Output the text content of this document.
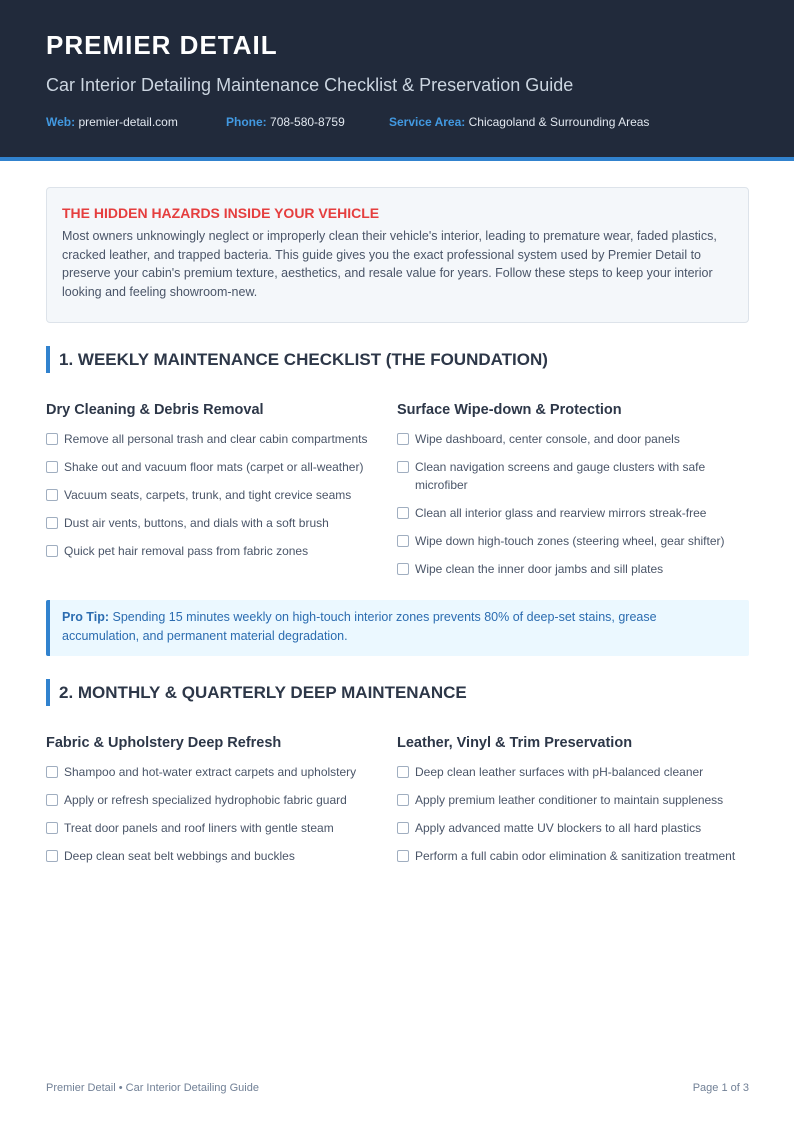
PREMIER DETAIL
Car Interior Detailing Maintenance Checklist & Preservation Guide
Web: premier-detail.com	Phone: 708-580-8759	Service Area: Chicagoland & Surrounding Areas
THE HIDDEN HAZARDS INSIDE YOUR VEHICLE
Most owners unknowingly neglect or improperly clean their vehicle's interior, leading to premature wear, faded plastics, cracked leather, and trapped bacteria. This guide gives you the exact professional system used by Premier Detail to preserve your cabin's premium texture, aesthetics, and resale value for years. Follow these steps to keep your interior looking and feeling showroom-new.
1. WEEKLY MAINTENANCE CHECKLIST (THE FOUNDATION)
Dry Cleaning & Debris Removal
Remove all personal trash and clear cabin compartments
Shake out and vacuum floor mats (carpet or all-weather)
Vacuum seats, carpets, trunk, and tight crevice seams
Dust air vents, buttons, and dials with a soft brush
Quick pet hair removal pass from fabric zones
Surface Wipe-down & Protection
Wipe dashboard, center console, and door panels
Clean navigation screens and gauge clusters with safe microfiber
Clean all interior glass and rearview mirrors streak-free
Wipe down high-touch zones (steering wheel, gear shifter)
Wipe clean the inner door jambs and sill plates
Pro Tip: Spending 15 minutes weekly on high-touch interior zones prevents 80% of deep-set stains, grease accumulation, and permanent material degradation.
2. MONTHLY & QUARTERLY DEEP MAINTENANCE
Fabric & Upholstery Deep Refresh
Shampoo and hot-water extract carpets and upholstery
Apply or refresh specialized hydrophobic fabric guard
Treat door panels and roof liners with gentle steam
Deep clean seat belt webbings and buckles
Leather, Vinyl & Trim Preservation
Deep clean leather surfaces with pH-balanced cleaner
Apply premium leather conditioner to maintain suppleness
Apply advanced matte UV blockers to all hard plastics
Perform a full cabin odor elimination & sanitization treatment
Premier Detail • Car Interior Detailing Guide	Page 1 of 3
